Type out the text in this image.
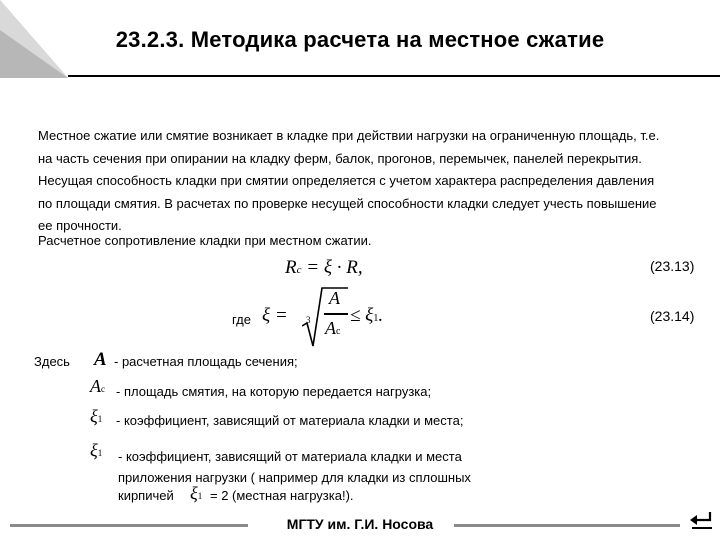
23.2.3. Методика расчета на местное сжатие
Местное сжатие или смятие возникает в кладке при действии нагрузки на ограниченную площадь, т.е.
на часть сечения при опирании на кладку ферм, балок, прогонов, перемычек, панелей перекрытия.
Несущая способность кладки при смятии определяется с учетом характера распределения давления
по площади смятия. В расчетах по проверке несущей способности кладки следует учесть повышение
ее прочности.
Расчетное сопротивление кладки при местном сжатии.
Rc = ξ · R,	(23.13)
где ξ = 3
A
Ac
≤ ξ1.	(23.14)
Здесь A - расчетная площадь сечения;
Ac - площадь смятия, на которую передается нагрузка;
ξ1 - коэффициент, зависящий от материала кладки и места;
ξ1 - коэффициент, зависящий от материала кладки и места
приложения нагрузки ( например для кладки из сплошных
кирпичей ξ1 = 2 (местная нагрузка!).
МГТУ им. Г.И. Носова
